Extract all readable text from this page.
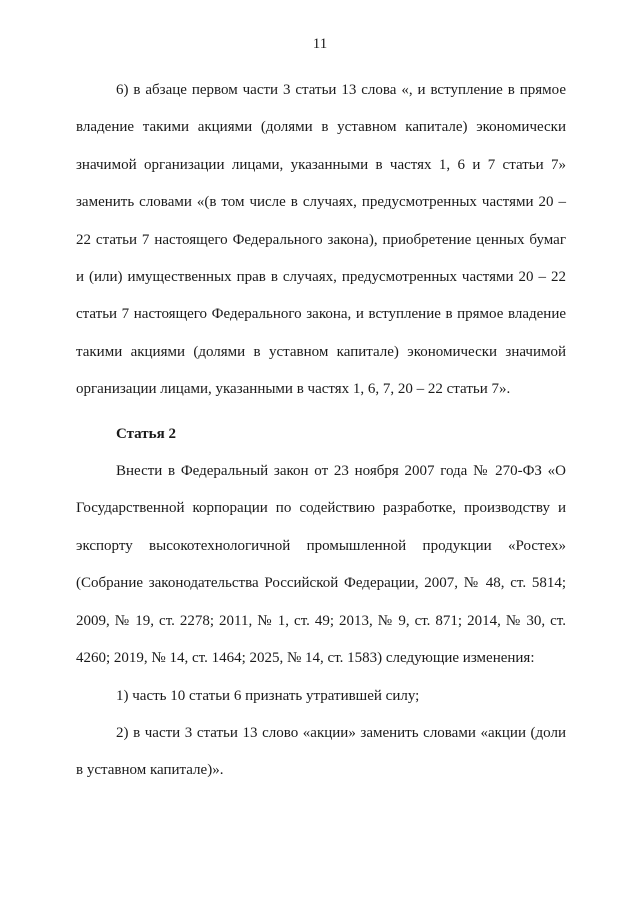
11

6) в абзаце первом части 3 статьи 13 слова «, и вступление в прямое владение такими акциями (долями в уставном капитале) экономически значимой организации лицами, указанными в частях 1, 6 и 7 статьи 7» заменить словами «(в том числе в случаях, предусмотренных частями 20 – 22 статьи 7 настоящего Федерального закона), приобретение ценных бумаг и (или) имущественных прав в случаях, предусмотренных частями 20 – 22 статьи 7 настоящего Федерального закона, и вступление в прямое владение такими акциями (долями в уставном капитале) экономически значимой организации лицами, указанными в частях 1, 6, 7, 20 – 22 статьи 7».

Статья 2

Внести в Федеральный закон от 23 ноября 2007 года № 270-ФЗ «О Государственной корпорации по содействию разработке, производству и экспорту высокотехнологичной промышленной продукции «Ростех» (Собрание законодательства Российской Федерации, 2007, № 48, ст. 5814; 2009, № 19, ст. 2278; 2011, № 1, ст. 49; 2013, № 9, ст. 871; 2014, № 30, ст. 4260; 2019, № 14, ст. 1464; 2025, № 14, ст. 1583) следующие изменения:

1) часть 10 статьи 6 признать утратившей силу;

2) в части 3 статьи 13 слово «акции» заменить словами «акции (доли в уставном капитале)».
